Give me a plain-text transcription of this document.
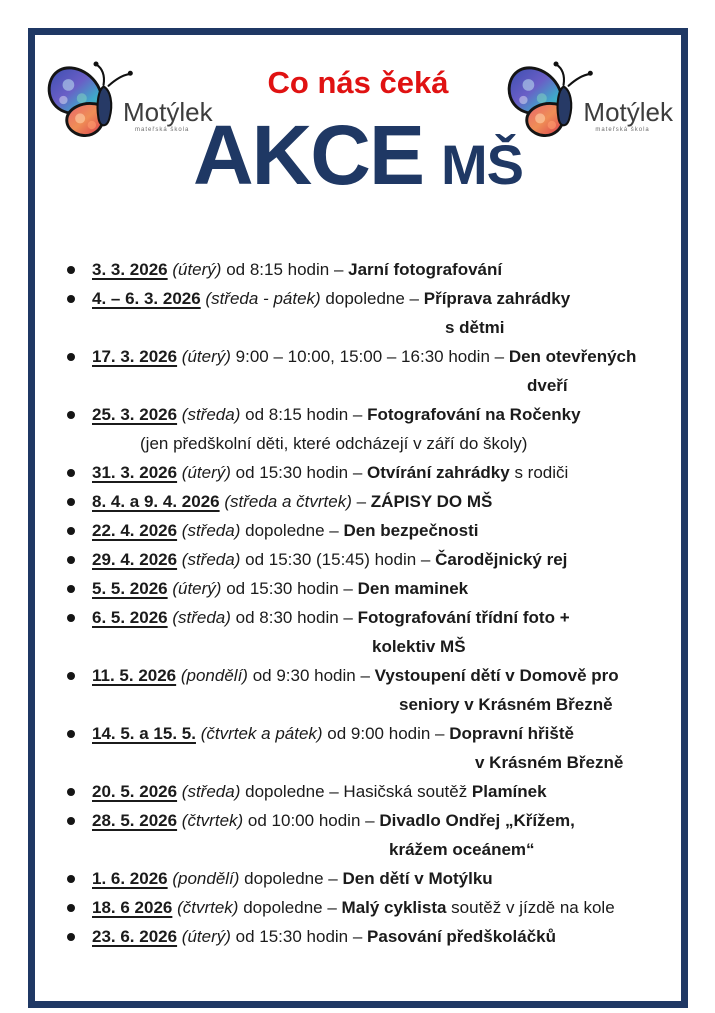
Motýlek
mateřská škola
Motýlek
mateřská škola
Co nás čeká
AKCE MŠ
3. 3. 2026 (úterý) od 8:15 hodin – Jarní fotografování
4. – 6. 3. 2026 (středa - pátek) dopoledne – Příprava zahrádky
s dětmi
17. 3. 2026 (úterý) 9:00 – 10:00, 15:00 – 16:30 hodin – Den otevřených
dveří
25. 3. 2026 (středa) od 8:15 hodin – Fotografování na Ročenky
(jen předškolní děti, které odcházejí v září do školy)
31. 3. 2026 (úterý) od 15:30 hodin – Otvírání zahrádky s rodiči
8. 4. a 9. 4. 2026 (středa a čtvrtek) – ZÁPISY DO MŠ
22. 4. 2026 (středa) dopoledne – Den bezpečnosti
29. 4. 2026 (středa) od 15:30 (15:45) hodin – Čarodějnický rej
5. 5. 2026 (úterý) od 15:30 hodin – Den maminek
6. 5. 2026 (středa) od 8:30 hodin – Fotografování třídní foto +
kolektiv MŠ
11. 5. 2026 (pondělí) od 9:30 hodin – Vystoupení dětí v Domově pro
seniory v Krásném Březně
14. 5. a 15. 5. (čtvrtek a pátek) od 9:00 hodin – Dopravní hřiště
v Krásném Březně
20. 5. 2026 (středa) dopoledne – Hasičská soutěž Plamínek
28. 5. 2026 (čtvrtek) od 10:00 hodin – Divadlo Ondřej „Křížem,
krážem oceánem“
1. 6. 2026 (pondělí) dopoledne – Den dětí v Motýlku
18. 6 2026 (čtvrtek) dopoledne – Malý cyklista soutěž v jízdě na kole
23. 6. 2026 (úterý) od 15:30 hodin – Pasování předškoláčků
